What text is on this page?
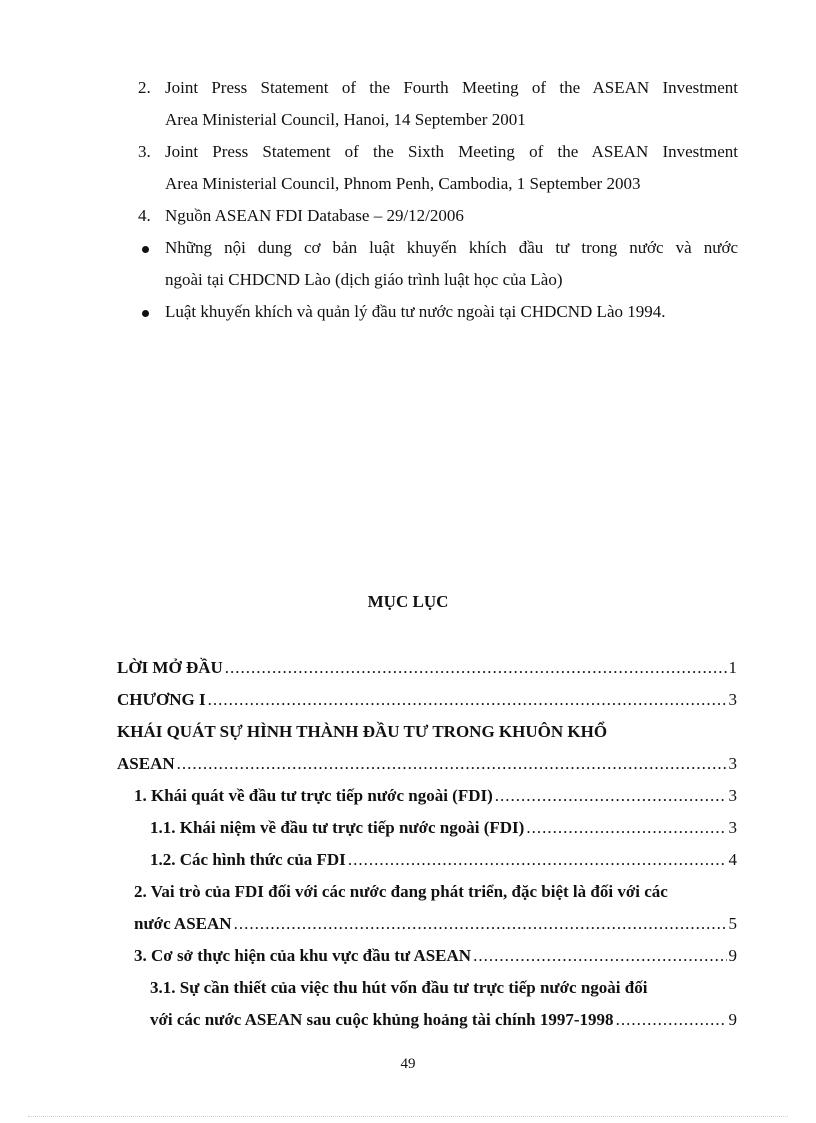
2. Joint Press Statement of the Fourth Meeting of the ASEAN Investment
Area Ministerial Council, Hanoi, 14 September 2001
3. Joint Press Statement of the Sixth Meeting of the ASEAN Investment
Area Ministerial Council, Phnom Penh, Cambodia, 1 September 2003
4. Nguồn ASEAN FDI Database – 29/12/2006
Những nội dung cơ bản luật khuyến khích đầu tư trong nước và nước
ngoài tại CHDCND Lào (dịch giáo trình luật học của Lào)
Luật khuyến khích và quản lý đầu tư nước ngoài tại CHDCND Lào 1994.
MỤC LỤC
LỜI MỞ ĐẦU .....	1
CHƯƠNG I .....	3
KHÁI QUÁT SỰ HÌNH THÀNH ĐẦU TƯ TRONG KHUÔN KHỔ
ASEAN .....	3
1. Khái quát về đầu tư trực tiếp nước ngoài (FDI) .....	3
1.1. Khái niệm về đầu tư trực tiếp nước ngoài (FDI) .....	3
1.2. Các hình thức của FDI .....	4
2. Vai trò của FDI đối với các nước đang phát triển, đặc biệt là đối với các
nước ASEAN .....	5
3. Cơ sở thực hiện của khu vực đầu tư ASEAN .....	9
3.1. Sự cần thiết của việc thu hút vốn đầu tư trực tiếp nước ngoài đối
với các nước ASEAN sau cuộc khủng hoảng tài chính 1997-1998 .....	9
49
